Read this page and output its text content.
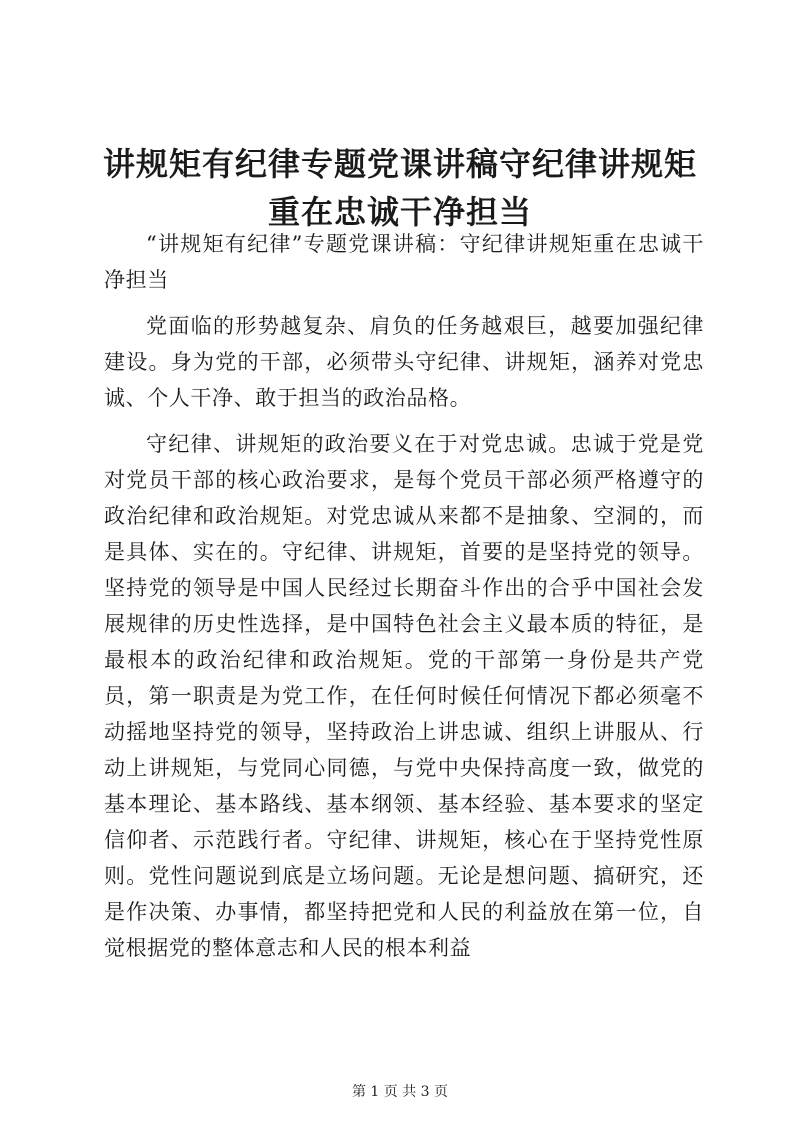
讲规矩有纪律专题党课讲稿守纪律讲规矩重在忠诚干净担当

“讲规矩有纪律”专题党课讲稿：守纪律讲规矩重在忠诚干净担当

党面临的形势越复杂、肩负的任务越艰巨，越要加强纪律建设。身为党的干部，必须带头守纪律、讲规矩，涵养对党忠诚、个人干净、敢于担当的政治品格。

守纪律、讲规矩的政治要义在于对党忠诚。忠诚于党是党对党员干部的核心政治要求，是每个党员干部必须严格遵守的政治纪律和政治规矩。对党忠诚从来都不是抽象、空洞的，而是具体、实在的。守纪律、讲规矩，首要的是坚持党的领导。坚持党的领导是中国人民经过长期奋斗作出的合乎中国社会发展规律的历史性选择，是中国特色社会主义最本质的特征，是最根本的政治纪律和政治规矩。党的干部第一身份是共产党员，第一职责是为党工作，在任何时候任何情况下都必须毫不动摇地坚持党的领导，坚持政治上讲忠诚、组织上讲服从、行动上讲规矩，与党同心同德，与党中央保持高度一致，做党的基本理论、基本路线、基本纲领、基本经验、基本要求的坚定信仰者、示范践行者。守纪律、讲规矩，核心在于坚持党性原则。党性问题说到底是立场问题。无论是想问题、搞研究，还是作决策、办事情，都坚持把党和人民的利益放在第一位，自觉根据党的整体意志和人民的根本利益

第 1 页 共 3 页
